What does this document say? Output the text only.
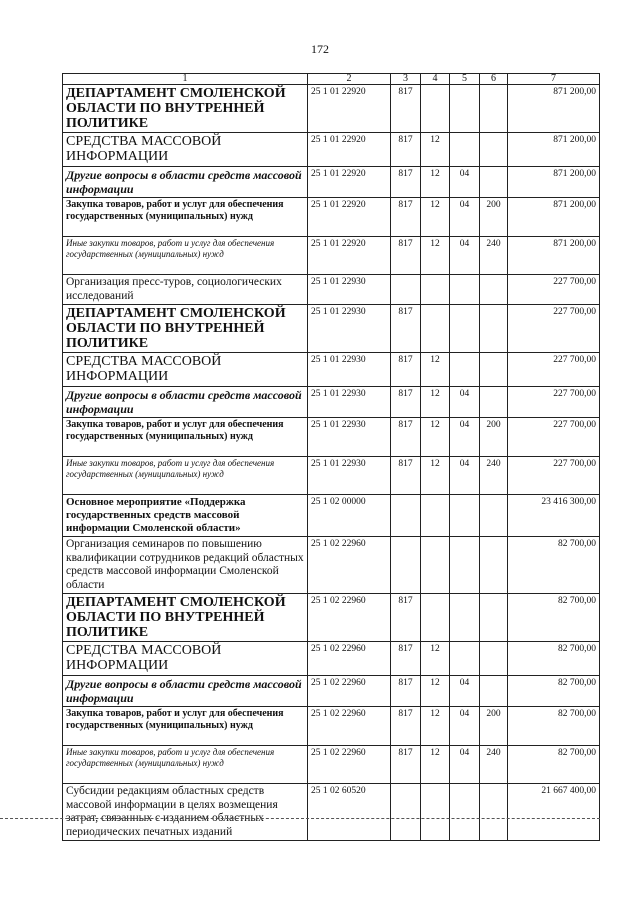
172
1	2	3	4	5	6	7
ДЕПАРТАМЕНТ СМОЛЕНСКОЙ ОБЛАСТИ ПО ВНУТРЕННЕЙ ПОЛИТИКЕ	25 1 01 22920	817				871 200,00
СРЕДСТВА МАССОВОЙ ИНФОРМАЦИИ	25 1 01 22920	817	12			871 200,00
Другие вопросы в области средств массовой информации	25 1 01 22920	817	12	04		871 200,00
Закупка товаров, работ и услуг для обеспечения государственных (муниципальных) нужд	25 1 01 22920	817	12	04	200	871 200,00
Иные закупки товаров, работ и услуг для обеспечения государственных (муниципальных) нужд	25 1 01 22920	817	12	04	240	871 200,00
Организация пресс-туров, социологических исследований	25 1 01 22930					227 700,00
ДЕПАРТАМЕНТ СМОЛЕНСКОЙ ОБЛАСТИ ПО ВНУТРЕННЕЙ ПОЛИТИКЕ	25 1 01 22930	817				227 700,00
СРЕДСТВА МАССОВОЙ ИНФОРМАЦИИ	25 1 01 22930	817	12			227 700,00
Другие вопросы в области средств массовой информации	25 1 01 22930	817	12	04		227 700,00
Закупка товаров, работ и услуг для обеспечения государственных (муниципальных) нужд	25 1 01 22930	817	12	04	200	227 700,00
Иные закупки товаров, работ и услуг для обеспечения государственных (муниципальных) нужд	25 1 01 22930	817	12	04	240	227 700,00
Основное мероприятие «Поддержка государственных средств массовой информации Смоленской области»	25 1 02 00000					23 416 300,00
Организация семинаров по повышению квалификации сотрудников редакций областных средств массовой информации Смоленской области	25 1 02 22960					82 700,00
ДЕПАРТАМЕНТ СМОЛЕНСКОЙ ОБЛАСТИ ПО ВНУТРЕННЕЙ ПОЛИТИКЕ	25 1 02 22960	817				82 700,00
СРЕДСТВА МАССОВОЙ ИНФОРМАЦИИ	25 1 02 22960	817	12			82 700,00
Другие вопросы в области средств массовой информации	25 1 02 22960	817	12	04		82 700,00
Закупка товаров, работ и услуг для обеспечения государственных (муниципальных) нужд	25 1 02 22960	817	12	04	200	82 700,00
Иные закупки товаров, работ и услуг для обеспечения государственных (муниципальных) нужд	25 1 02 22960	817	12	04	240	82 700,00
Субсидии редакциям областных средств массовой информации в целях возмещения затрат, связанных с изданием областных периодических печатных изданий	25 1 02 60520					21 667 400,00
